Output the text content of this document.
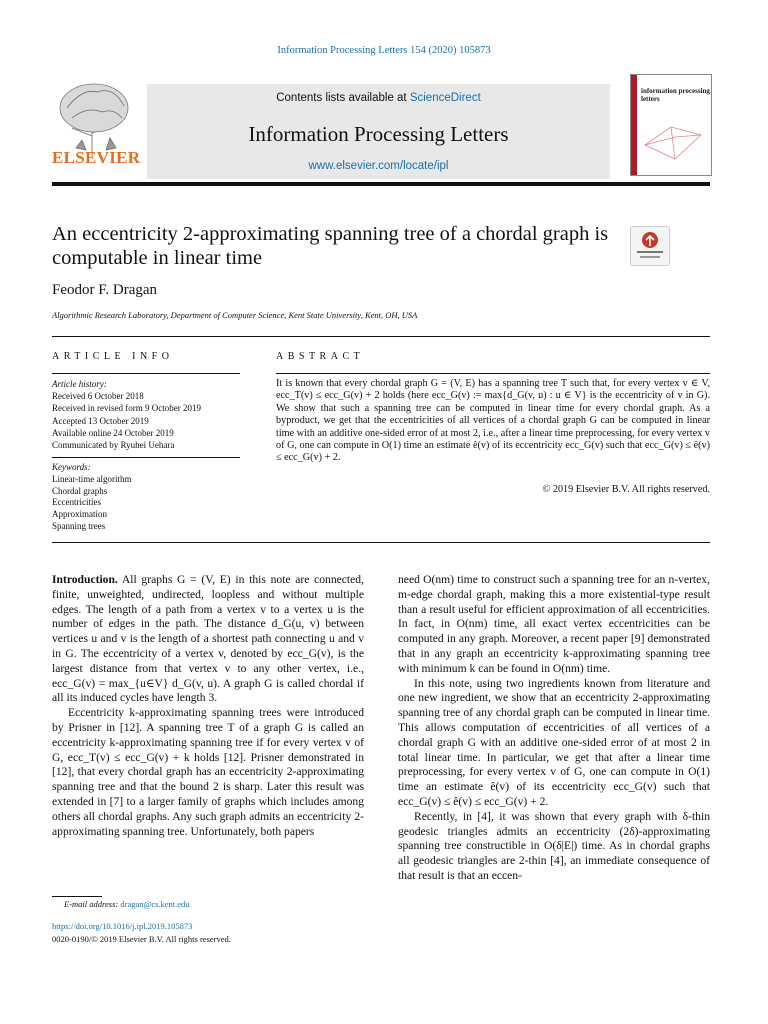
Information Processing Letters 154 (2020) 105873
ELSEVIER
Contents lists available at ScienceDirect
Information Processing Letters
www.elsevier.com/locate/ipl
information processing letters
An eccentricity 2-approximating spanning tree of a chordal graph is computable in linear time
Feodor F. Dragan
Algorithmic Research Laboratory, Department of Computer Science, Kent State University, Kent, OH, USA
ARTICLE INFO	ABSTRACT
Article history:
Received 6 October 2018
Received in revised form 9 October 2019
Accepted 13 October 2019
Available online 24 October 2019
Communicated by Ryuhei Uehara
Keywords:
Linear-time algorithm
Chordal graphs
Eccentricities
Approximation
Spanning trees
It is known that every chordal graph G = (V, E) has a spanning tree T such that, for every vertex v ∈ V, ecc_T(v) ≤ ecc_G(v) + 2 holds (here ecc_G(v) := max{d_G(v, u) : u ∈ V} is the eccentricity of v in G). We show that such a spanning tree can be computed in linear time for every chordal graph. As a byproduct, we get that the eccentricities of all vertices of a chordal graph G can be computed in linear time with an additive one-sided error of at most 2, i.e., after a linear time preprocessing, for every vertex v of G, one can compute in O(1) time an estimate ê(v) of its eccentricity ecc_G(v) such that ecc_G(v) ≤ ê(v) ≤ ecc_G(v) + 2.
© 2019 Elsevier B.V. All rights reserved.

Introduction. All graphs G = (V, E) in this note are connected, finite, unweighted, undirected, loopless and without multiple edges. The length of a path from a vertex v to a vertex u is the number of edges in the path. The distance d_G(u, v) between vertices u and v is the length of a shortest path connecting u and v in G. The eccentricity of a vertex v, denoted by ecc_G(v), is the largest distance from that vertex v to any other vertex, i.e., ecc_G(v) = max_{u∈V} d_G(v, u). A graph G is called chordal if all its induced cycles have length 3.

Eccentricity k-approximating spanning trees were introduced by Prisner in [12]. A spanning tree T of a graph G is called an eccentricity k-approximating spanning tree if for every vertex v of G, ecc_T(v) ≤ ecc_G(v) + k holds [12]. Prisner demonstrated in [12], that every chordal graph has an eccentricity 2-approximating spanning tree and that the bound 2 is sharp. Later this result was extended in [7] to a larger family of graphs which includes among others all chordal graphs. Any such graph admits an eccentricity 2-approximating spanning tree. Unfortunately, both papers

need O(nm) time to construct such a spanning tree for an n-vertex, m-edge chordal graph, making this a more existential-type result than a result useful for efficient approximation of all eccentricities. In fact, in O(nm) time, all exact vertex eccentricities can be computed in any graph. Moreover, a recent paper [9] demonstrated that in any graph an eccentricity k-approximating spanning tree with minimum k can be found in O(nm) time.

In this note, using two ingredients known from literature and one new ingredient, we show that an eccentricity 2-approximating spanning tree of any chordal graph can be computed in linear time. This allows computation of eccentricities of all vertices of a chordal graph G with an additive one-sided error of at most 2 in total linear time. In particular, we get that after a linear time preprocessing, for every vertex v of G, one can compute in O(1) time an estimate ê(v) of its eccentricity ecc_G(v) such that ecc_G(v) ≤ ê(v) ≤ ecc_G(v) + 2.

Recently, in [4], it was shown that every graph with δ-thin geodesic triangles admits an eccentricity (2δ)-approximating spanning tree constructible in O(δ|E|) time. As in chordal graphs all geodesic triangles are 2-thin [4], an immediate consequence of that result is that an eccen-

E-mail address: dragan@cs.kent.edu
https://doi.org/10.1016/j.ipl.2019.105873
0020-0190/© 2019 Elsevier B.V. All rights reserved.
